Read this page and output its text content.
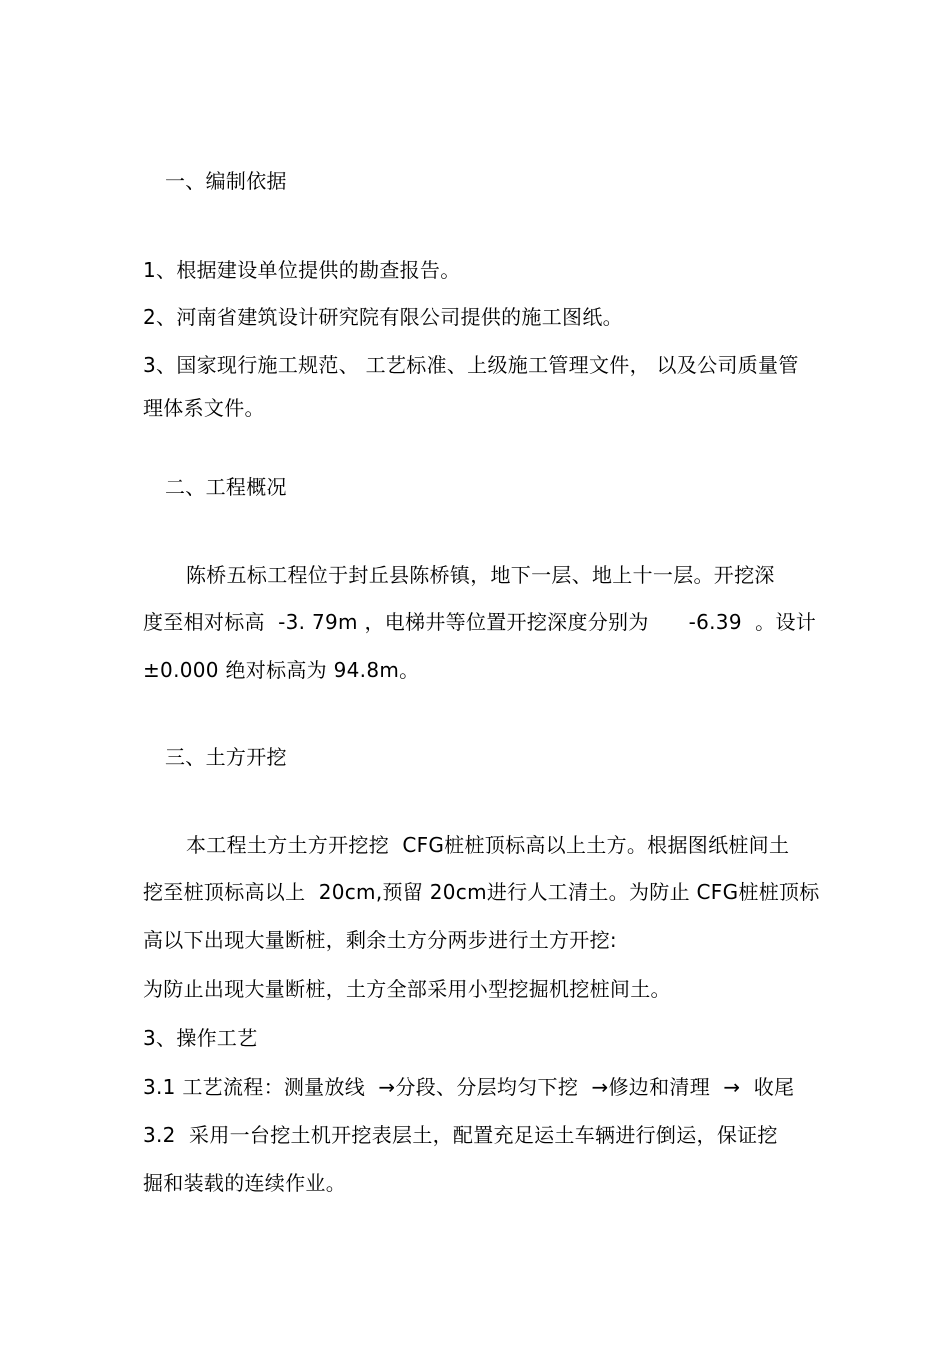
一、编制依据
1、根据建设单位提供的勘查报告。
2、河南省建筑设计研究院有限公司提供的施工图纸。
3、国家现行施工规范、 工艺标准、上级施工管理文件， 以及公司质量管
理体系文件。
二、工程概况
陈桥五标工程位于封丘县陈桥镇，地下一层、地上十一层。开挖深
度至相对标高  -3. 79m ，电梯井等位置开挖深度分别为      -6.39  。设计
±0.000 绝对标高为 94.8m。
三、土方开挖
本工程土方土方开挖挖  CFG桩桩顶标高以上土方。根据图纸桩间土
挖至桩顶标高以上  20cm,预留 20cm进行人工清土。为防止 CFG桩桩顶标
高以下出现大量断桩，剩余土方分两步进行土方开挖:
为防止出现大量断桩，土方全部采用小型挖掘机挖桩间土。
3、操作工艺
3.1 工艺流程：测量放线  →分段、分层均匀下挖  →修边和清理  →  收尾
3.2  采用一台挖土机开挖表层土，配置充足运土车辆进行倒运，保证挖
掘和装载的连续作业。
